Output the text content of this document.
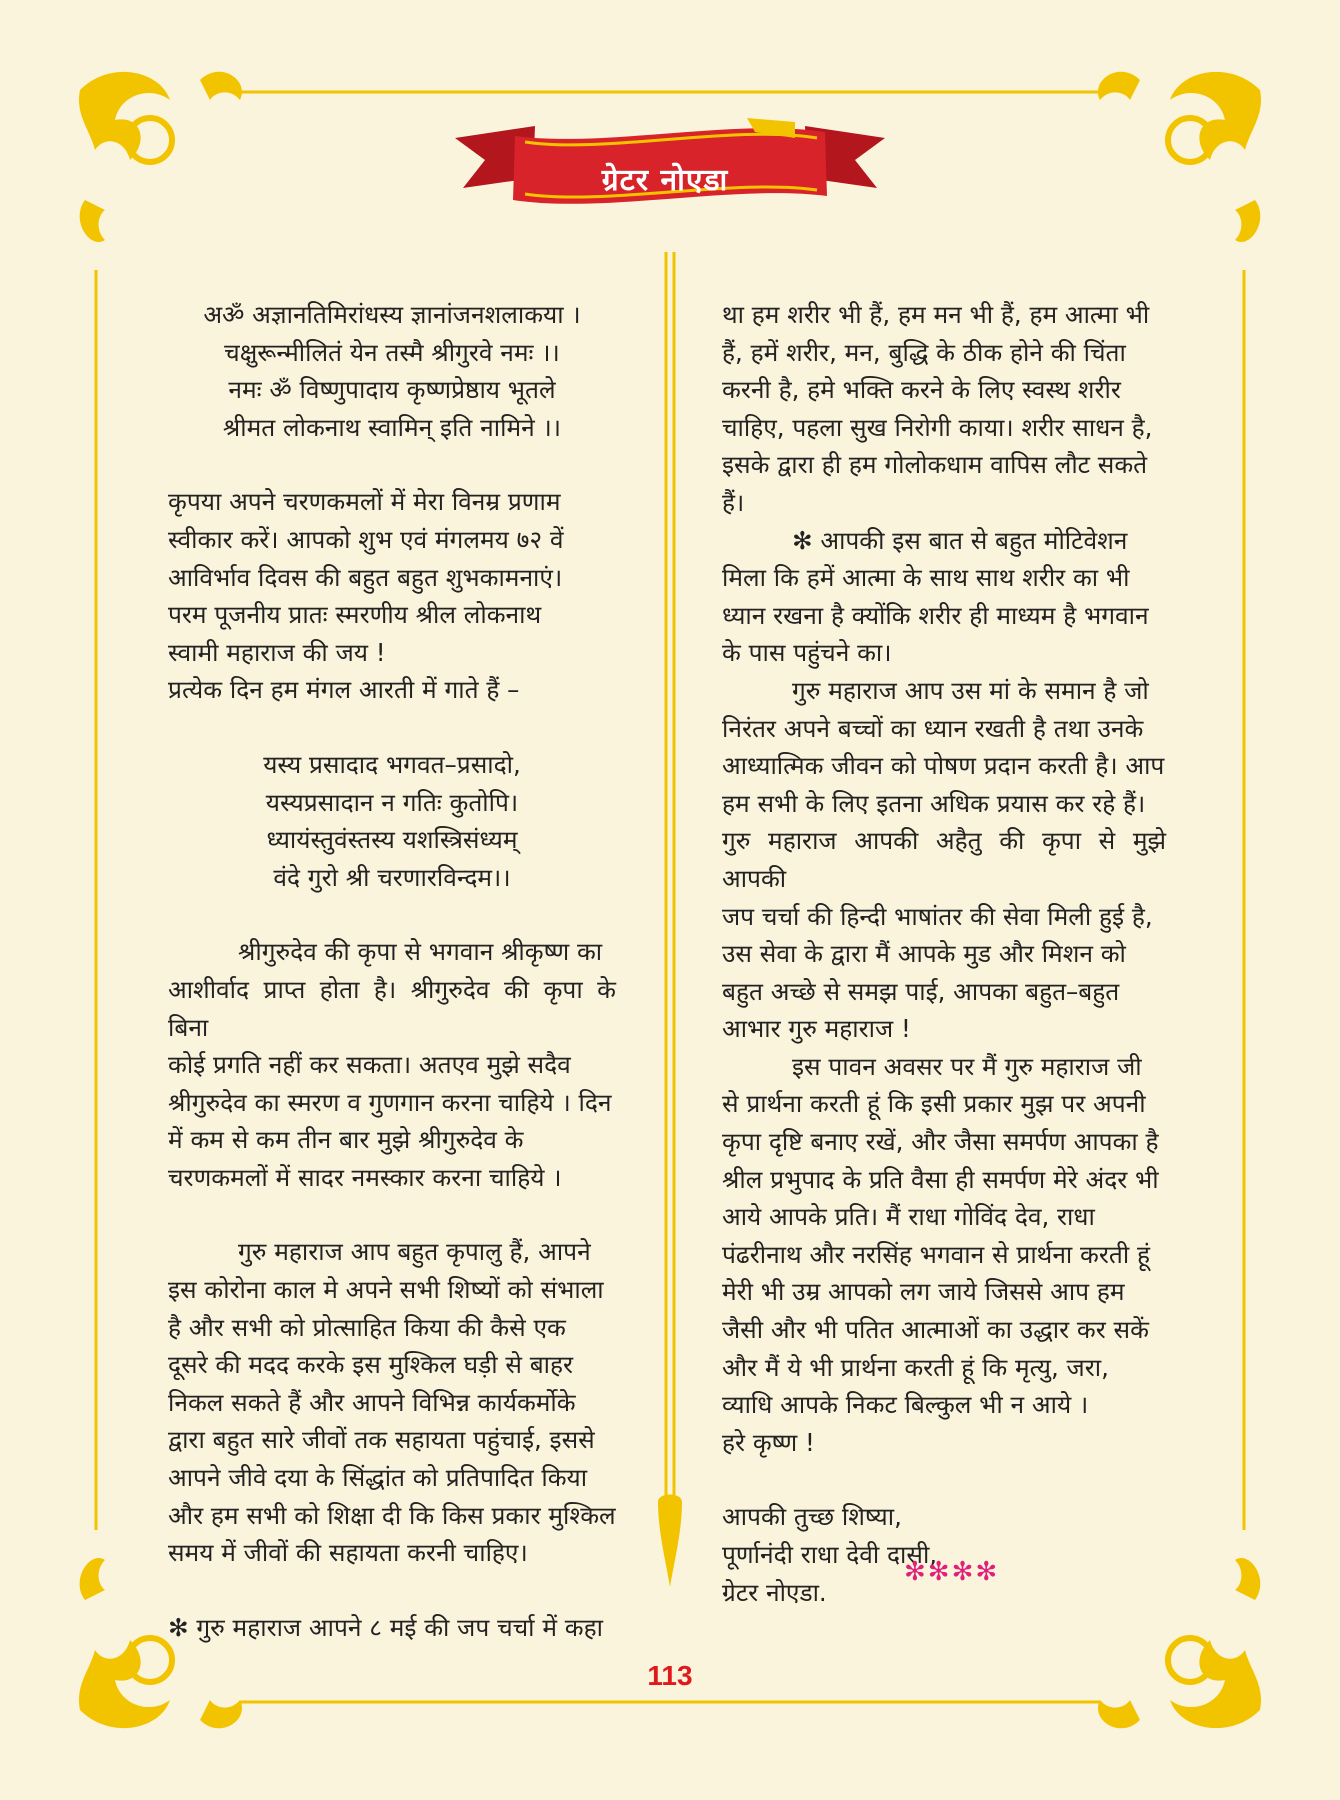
ग्रेटर नोएडा

अॐ अज्ञानतिमिरांधस्य ज्ञानांजनशलाकया ।

चक्षुरून्मीलितं येन तस्मै श्रीगुरवे नमः ।।

नमः ॐ विष्णुपादाय कृष्णप्रेष्ठाय भूतले

श्रीमत लोकनाथ स्वामिन् इति नामिने ।।

कृपया अपने चरणकमलों में मेरा विनम्र प्रणाम

स्वीकार करें। आपको शुभ एवं मंगलमय ७२ वें

आविर्भाव दिवस की बहुत बहुत शुभकामनाएं।

परम पूजनीय प्रातः स्मरणीय श्रील लोकनाथ

स्वामी महाराज की जय !

प्रत्येक दिन हम मंगल आरती में गाते हैं –

यस्य प्रसादाद भगवत–प्रसादो,

यस्यप्रसादान न गतिः कुतोपि।

ध्यायंस्तुवंस्तस्य यशस्त्रिसंध्यम्

वंदे गुरो श्री चरणारविन्दम।।

श्रीगुरुदेव की कृपा से भगवान श्रीकृष्ण का

आशीर्वाद प्राप्त होता है। श्रीगुरुदेव की कृपा के बिना

कोई प्रगति नहीं कर सकता। अतएव मुझे सदैव

श्रीगुरुदेव का स्मरण व गुणगान करना चाहिये । दिन

में कम से कम तीन बार मुझे श्रीगुरुदेव के

चरणकमलों में सादर नमस्कार करना चाहिये ।

गुरु महाराज आप बहुत कृपालु हैं, आपने

इस कोरोना काल मे अपने सभी शिष्यों को संभाला

है और सभी को प्रोत्साहित किया की कैसे एक

दूसरे की मदद करके इस मुश्किल घड़ी से बाहर

निकल सकते हैं और आपने विभिन्न कार्यकर्मोके

द्वारा बहुत सारे जीवों तक सहायता पहुंचाई, इससे

आपने जीवे दया के सिंद्धांत को प्रतिपादित किया

और हम सभी को शिक्षा दी कि किस प्रकार मुश्किल

समय में जीवों की सहायता करनी चाहिए।

✻ गुरु महाराज आपने ८ मई की जप चर्चा में कहा

था हम शरीर भी हैं, हम मन भी हैं, हम आत्मा भी

हैं, हमें शरीर, मन, बुद्धि के ठीक होने की चिंता

करनी है, हमे भक्ति करने के लिए स्वस्थ शरीर

चाहिए, पहला सुख निरोगी काया। शरीर साधन है,

इसके द्वारा ही हम गोलोकधाम वापिस लौट सकते

हैं।

✻ आपकी इस बात से बहुत मोटिवेशन

मिला कि हमें आत्मा के साथ साथ शरीर का भी

ध्यान रखना है क्योंकि शरीर ही माध्यम है भगवान

के पास पहुंचने का।

गुरु महाराज आप उस मां के समान है जो

निरंतर अपने बच्चों का ध्यान रखती है तथा उनके

आध्यात्मिक जीवन को पोषण प्रदान करती है। आप

हम सभी के लिए इतना अधिक प्रयास कर रहे हैं।

गुरु महाराज आपकी अहैतु की कृपा से मुझे आपकी

जप चर्चा की हिन्दी भाषांतर की सेवा मिली हुई है,

उस सेवा के द्वारा मैं आपके मुड और मिशन को

बहुत अच्छे से समझ पाई, आपका बहुत–बहुत

आभार गुरु महाराज !

इस पावन अवसर पर मैं गुरु महाराज जी

से प्रार्थना करती हूं कि इसी प्रकार मुझ पर अपनी

कृपा दृष्टि बनाए रखें, और जैसा समर्पण आपका है

श्रील प्रभुपाद के प्रति वैसा ही समर्पण मेरे अंदर भी

आये आपके प्रति। मैं राधा गोविंद देव, राधा

पंढरीनाथ और नरसिंह भगवान से प्रार्थना करती हूं

मेरी भी उम्र आपको लग जाये जिससे आप हम

जैसी और भी पतित आत्माओं का उद्धार कर सकें

और मैं ये भी प्रार्थना करती हूं कि मृत्यु, जरा,

व्याधि आपके निकट बिल्कुल भी न आये ।

हरे कृष्ण !

आपकी तुच्छ शिष्या,

पूर्णानंदी राधा देवी दासी,

ग्रेटर नोएडा.

✻✻✻✻
113
